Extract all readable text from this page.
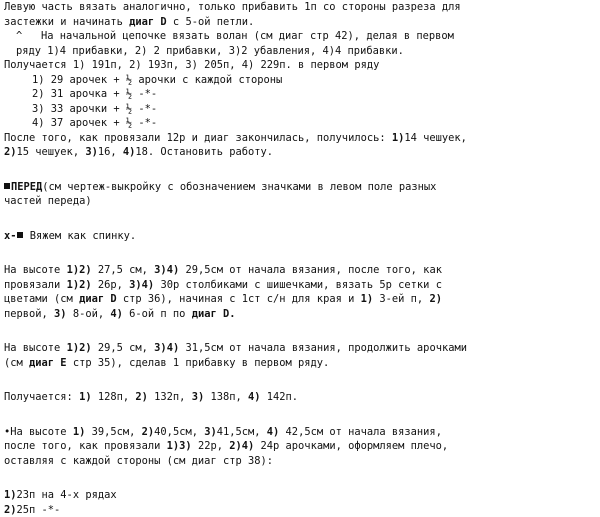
Левую часть вязать аналогично, только прибавить 1п со стороны разреза для
застежки и начинать диаг D с 5-ой петли.
^   На начальной цепочке вязать волан (см диаг стр 42), делая в первом
ряду 1)4 прибавки, 2) 2 прибавки, 3)2 убавления, 4)4 прибавки.
Получается 1) 191п, 2) 193п, 3) 205п, 4) 229п. в первом ряду
1) 29 арочек + ½ арочки с каждой стороны
2) 31 арочка + ½ -*-
3) 33 арочки + ½ -*-
4) 37 арочек + ½ -*-
После того, как провязали 12р и диаг закончилась, получилось: 1)14 чешуек,
2)15 чешуек, 3)16, 4)18. Остановить работу.
ПЕРЕД(см чертеж-выкройку с обозначением значками в левом поле разных
частей переда)
x- Вяжем как спинку.
На высоте 1)2) 27,5 см, 3)4) 29,5см от начала вязания, после того, как
провязали 1)2) 26р, 3)4) 30р столбиками с шишечками, вязать 5р сетки с
цветами (см диаг D стр 36), начиная с 1ст с/н для края и 1) 3-ей п, 2)
первой, 3) 8-ой, 4) 6-ой п по диаг D.
На высоте 1)2) 29,5 см, 3)4) 31,5см от начала вязания, продолжить арочками
(см диаг Е стр 35), сделав 1 прибавку в первом ряду.
Получается: 1) 128п, 2) 132п, 3) 138п, 4) 142п.
•На высоте 1) 39,5см, 2)40,5см, 3)41,5см, 4) 42,5см от начала вязания,
после того, как провязали 1)3) 22р, 2)4) 24р арочками, оформляем плечо,
оставляя с каждой стороны (см диаг стр 38):
1)23п на 4-х рядах
2)25п -*-
